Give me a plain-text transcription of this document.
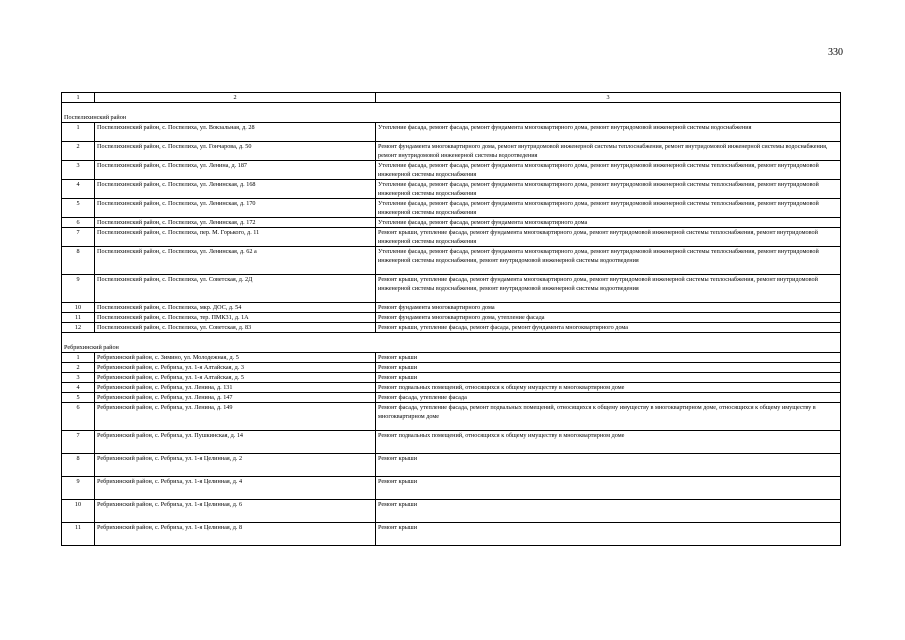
330
1	2	3
Поспелихинский район		
1	Поспелихинский район, с. Поспелиха, ул. Вокзальная, д. 28	Утепление фасада, ремонт фасада, ремонт фундамента многоквартирного дома, ремонт внутридомовой инженерной системы водоснабжения
2	Поспелихинский район, с. Поспелиха, ул. Гончарова, д. 50	Ремонт фундамента многоквартирного дома, ремонт внутридомовой инженерной системы теплоснабжения, ремонт внутридомовой инженерной системы водоснабжения, ремонт внутридомовой инженерной системы водоотведения
3	Поспелихинский район, с. Поспелиха, ул. Ленина, д. 187	Утепление фасада, ремонт фасада, ремонт фундамента многоквартирного дома, ремонт внутридомовой инженерной системы теплоснабжения, ремонт внутридомовой инженерной системы водоснабжения
4	Поспелихинский район, с. Поспелиха, ул. Ленинская, д. 168	Утепление фасада, ремонт фасада, ремонт фундамента многоквартирного дома, ремонт внутридомовой инженерной системы теплоснабжения, ремонт внутридомовой инженерной системы водоснабжения
5	Поспелихинский район, с. Поспелиха, ул. Ленинская, д. 170	Утепление фасада, ремонт фасада, ремонт фундамента многоквартирного дома, ремонт внутридомовой инженерной системы теплоснабжения, ремонт внутридомовой инженерной системы водоснабжения
6	Поспелихинский район, с. Поспелиха, ул. Ленинская, д. 172	Утепление фасада, ремонт фасада, ремонт фундамента многоквартирного дома
7	Поспелихинский район, с. Поспелиха, пер. М. Горького, д. 11	Ремонт крыши, утепление фасада, ремонт фундамента многоквартирного дома, ремонт внутридомовой инженерной системы теплоснабжения, ремонт внутридомовой инженерной системы водоснабжения
8	Поспелихинский район, с. Поспелиха, ул. Ленинская, д. 62 а	Утепление фасада, ремонт фасада, ремонт фундамента многоквартирного дома, ремонт внутридомовой инженерной системы теплоснабжения, ремонт внутридомовой инженерной системы водоснабжения, ремонт внутридомовой инженерной системы водоотведения
9	Поспелихинский район, с. Поспелиха, ул. Советская, д. 2Д	Ремонт крыши, утепление фасада, ремонт фундамента многоквартирного дома, ремонт внутридомовой инженерной системы теплоснабжения, ремонт внутридомовой инженерной системы водоснабжения, ремонт внутридомовой инженерной системы водоотведения
10	Поспелихинский район, с. Поспелиха, мкр. ДОС, д. 54	Ремонт фундамента многоквартирного дома
11	Поспелихинский район, с. Поспелиха, тер. ПМК31, д. 1А	Ремонт фундамента многоквартирного дома, утепление фасада
12	Поспелихинский район, с. Поспелиха, ул. Советская, д. 83	Ремонт крыши, утепление фасада, ремонт фасада, ремонт фундамента многоквартирного дома
Ребрихинский район		
1	Ребрихинский район, с. Зимино, ул. Молодежная, д. 5	Ремонт крыши
2	Ребрихинский район, с. Ребриха, ул. 1-я Алтайская, д. 3	Ремонт крыши
3	Ребрихинский район, с. Ребриха, ул. 1-я Алтайская, д. 5	Ремонт крыши
4	Ребрихинский район, с. Ребриха, ул. Ленина, д. 131	Ремонт подвальных помещений, относящихся к общему имуществу в многоквартирном доме
5	Ребрихинский район, с. Ребриха, ул. Ленина, д. 147	Ремонт фасада, утепление фасада
6	Ребрихинский район, с. Ребриха, ул. Ленина, д. 149	Ремонт фасада, утепление фасада, ремонт подвальных помещений, относящихся к общему имуществу в многоквартирном доме, относящихся к общему имуществу в многоквартирном доме
7	Ребрихинский район, с. Ребриха, ул. Пушкинская, д. 14	Ремонт подвальных помещений, относящихся к общему имуществу в многоквартирном доме
8	Ребрихинский район, с. Ребриха, ул. 1-я Целинная, д. 2	Ремонт крыши
9	Ребрихинский район, с. Ребриха, ул. 1-я Целинная, д. 4	Ремонт крыши
10	Ребрихинский район, с. Ребриха, ул. 1-я Целинная, д. 6	Ремонт крыши
11	Ребрихинский район, с. Ребриха, ул. 1-я Целинная, д. 8	Ремонт крыши
